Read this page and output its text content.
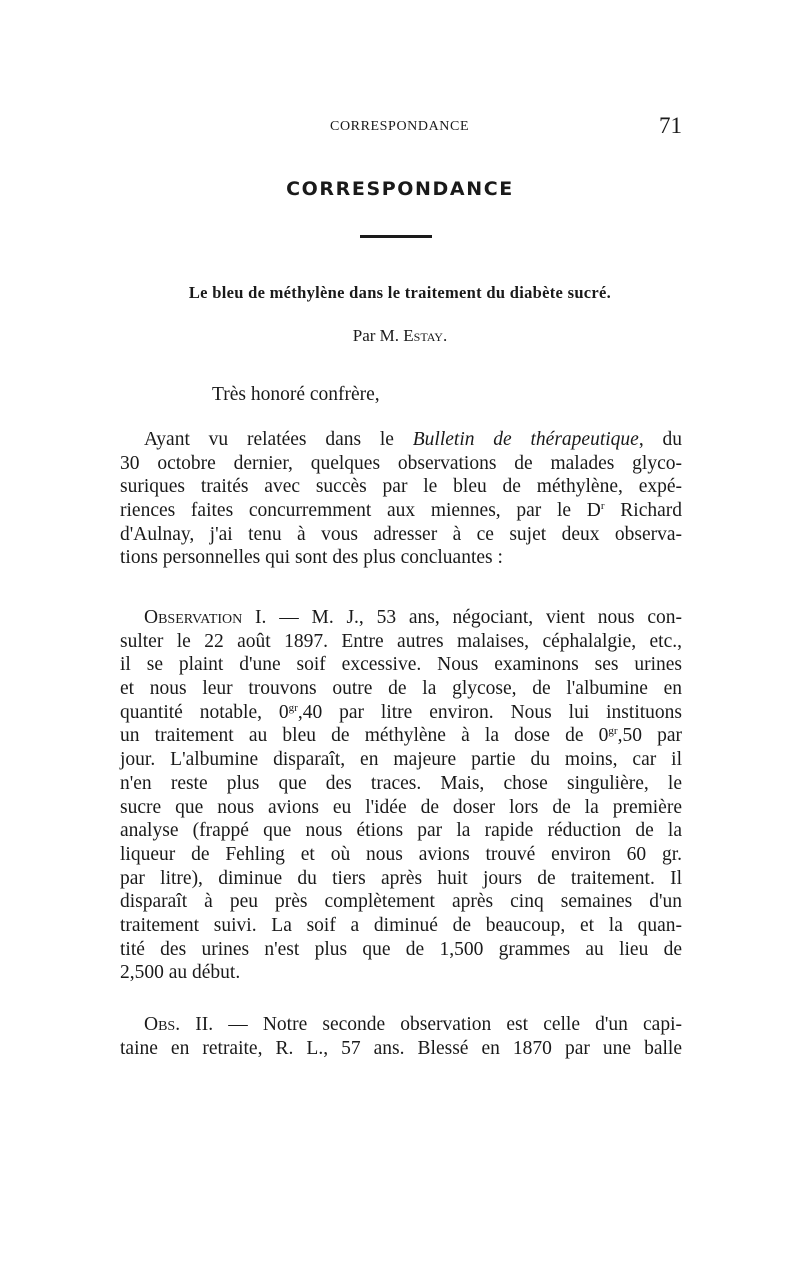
CORRESPONDANCE	71
CORRESPONDANCE
Le bleu de méthylène dans le traitement du diabète sucré.
Par M. Estay.
Très honoré confrère,
Ayant vu relatées dans le Bulletin de thérapeutique, du
30 octobre dernier, quelques observations de malades glyco-
suriques traités avec succès par le bleu de méthylène, expé-
riences faites concurremment aux miennes, par le $D^r$ Richard
d'Aulnay, j'ai tenu à vous adresser à ce sujet deux observa-
tions personnelles qui sont des plus concluantes :
Observation I. — M. J., 53 ans, négociant, vient nous con-
sulter le 22 août 1897. Entre autres malaises, céphalalgie, etc.,
il se plaint d'une soif excessive. Nous examinons ses urines
et nous leur trouvons outre de la glycose, de l'albumine en
quantité notable, $0^{gr},40$ par litre environ. Nous lui instituons
un traitement au bleu de méthylène à la dose de $0^{gr},50$ par
jour. L'albumine disparaît, en majeure partie du moins, car il
n'en reste plus que des traces. Mais, chose singulière, le
sucre que nous avions eu l'idée de doser lors de la première
analyse (frappé que nous étions par la rapide réduction de la
liqueur de Fehling et où nous avions trouvé environ 60 gr.
par litre), diminue du tiers après huit jours de traitement. Il
disparaît à peu près complètement après cinq semaines d'un
traitement suivi. La soif a diminué de beaucoup, et la quan-
tité des urines n'est plus que de 1,500 grammes au lieu de
2,500 au début.
Obs. II. — Notre seconde observation est celle d'un capi-
taine en retraite, R. L., 57 ans. Blessé en 1870 par une balle
